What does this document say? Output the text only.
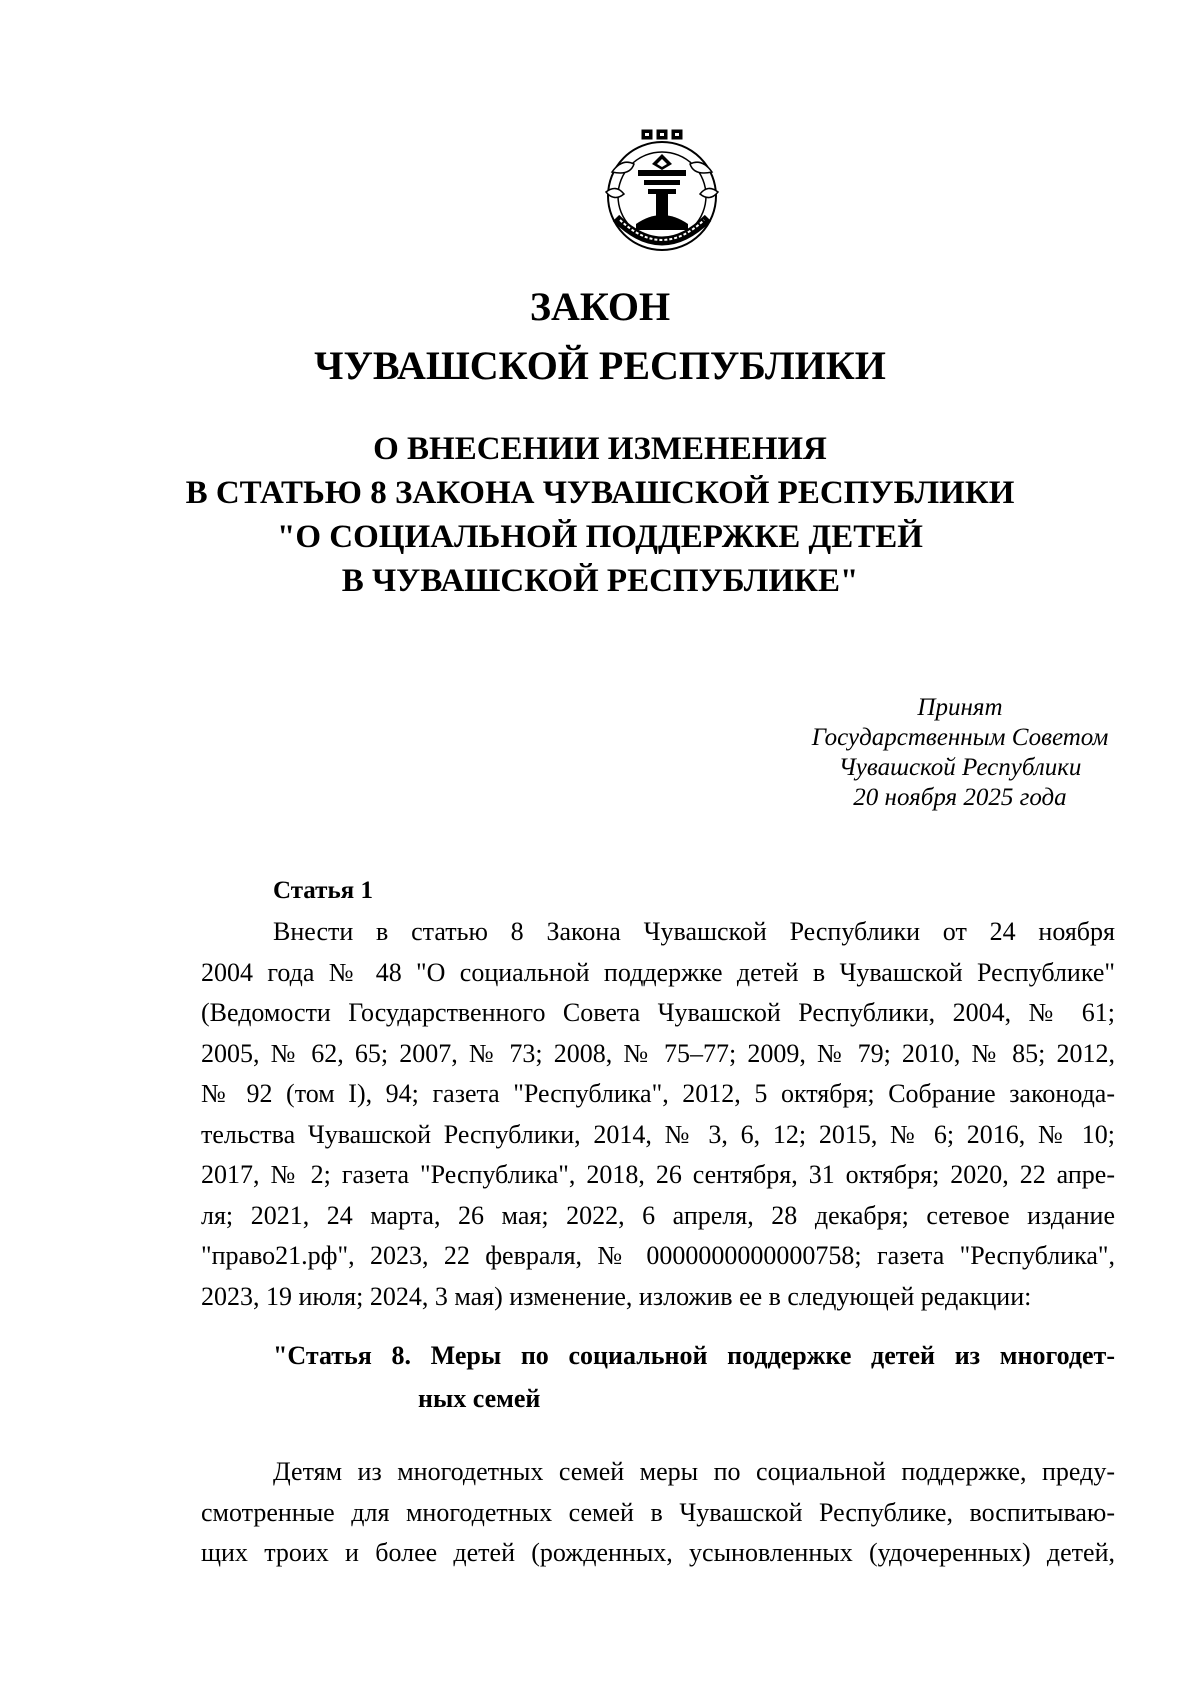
ЗАКОН
ЧУВАШСКОЙ РЕСПУБЛИКИ
О ВНЕСЕНИИ ИЗМЕНЕНИЯ
В СТАТЬЮ 8 ЗАКОНА ЧУВАШСКОЙ РЕСПУБЛИКИ
"О СОЦИАЛЬНОЙ ПОДДЕРЖКЕ ДЕТЕЙ
В ЧУВАШСКОЙ РЕСПУБЛИКЕ"
Принят
Государственным Советом
Чувашской Республики
20 ноября 2025 года
Статья 1
Внести в статью 8 Закона Чувашской Республики от 24 ноября
2004 года № 48 "О социальной поддержке детей в Чувашской Республике"
(Ведомости Государственного Совета Чувашской Республики, 2004, № 61;
2005, № 62, 65; 2007, № 73; 2008, № 75–77; 2009, № 79; 2010, № 85; 2012,
№ 92 (том I), 94; газета "Республика", 2012, 5 октября; Собрание законода-
тельства Чувашской Республики, 2014, № 3, 6, 12; 2015, № 6; 2016, № 10;
2017, № 2; газета "Республика", 2018, 26 сентября, 31 октября; 2020, 22 апре-
ля; 2021, 24 марта, 26 мая; 2022, 6 апреля, 28 декабря; сетевое издание
"право21.рф", 2023, 22 февраля, № 0000000000000758; газета "Республика",
2023, 19 июля; 2024, 3 мая) изменение, изложив ее в следующей редакции:
"Статья 8. Меры по социальной поддержке детей из многодет-
ных семей
Детям из многодетных семей меры по социальной поддержке, преду-
смотренные для многодетных семей в Чувашской Республике, воспитываю-
щих троих и более детей (рожденных, усыновленных (удочеренных) детей,
